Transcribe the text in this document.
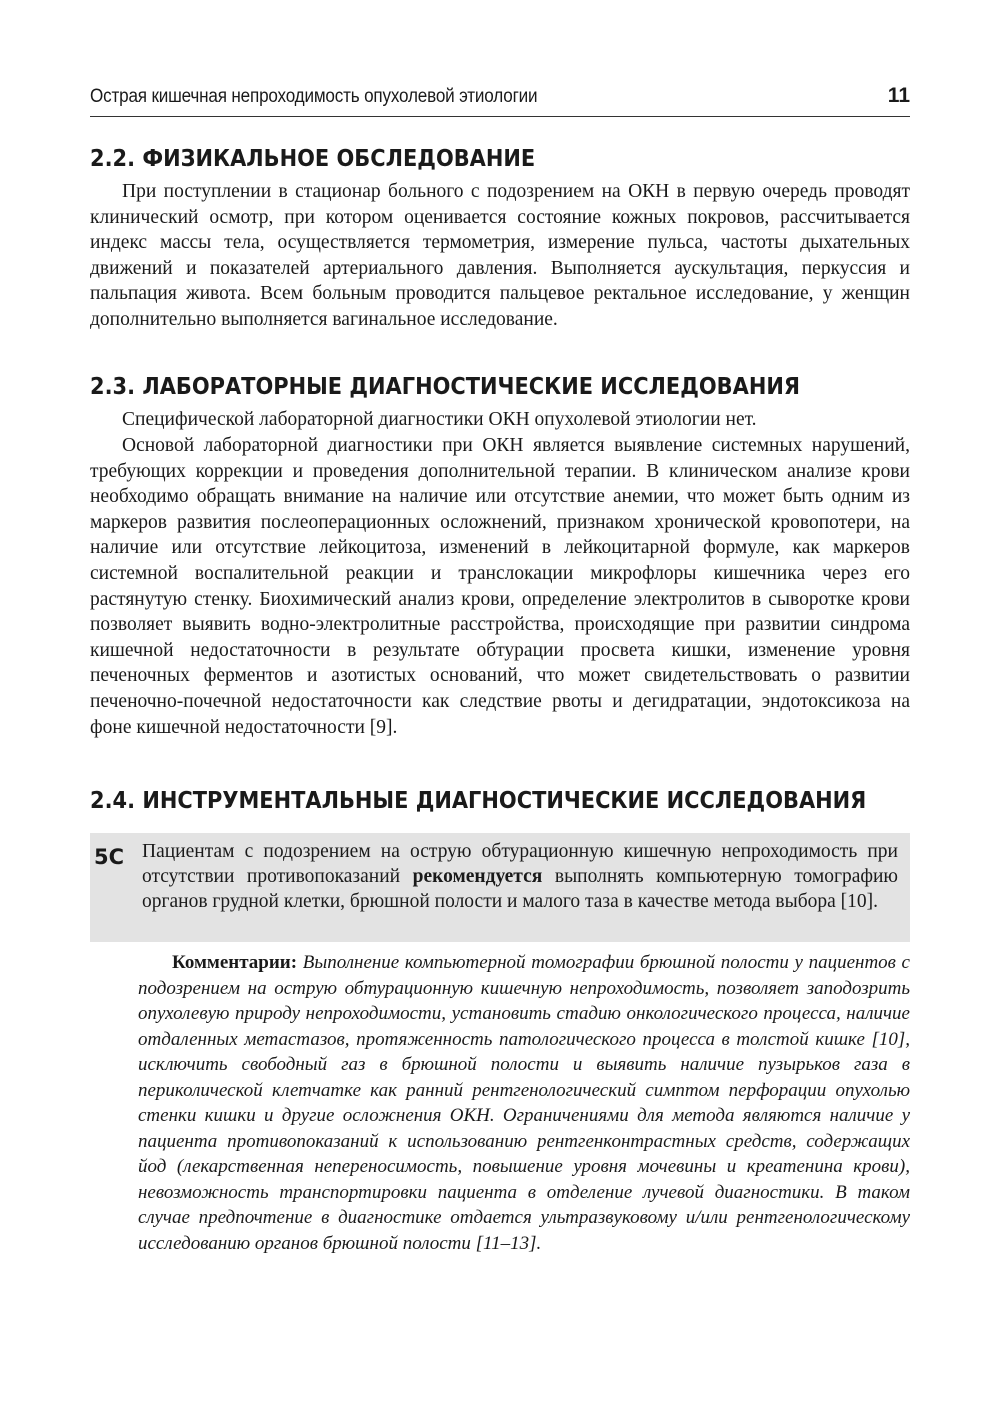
Острая кишечная непроходимость опухолевой этиологии	11
2.2. ФИЗИКАЛЬНОЕ ОБСЛЕДОВАНИЕ

При поступлении в стационар больного с подозрением на ОКН в первую очередь проводят клинический осмотр, при котором оценивается состояние кожных покровов, рассчитывается индекс массы тела, осуществляется термометрия, измерение пульса, частоты дыхательных движений и показателей артериального давления. Выполняется аускультация, перкуссия и пальпация живота. Всем больным проводится пальцевое ректальное исследование, у женщин дополнительно выполняется вагинальное исследование.

2.3. ЛАБОРАТОРНЫЕ ДИАГНОСТИЧЕСКИЕ ИССЛЕДОВАНИЯ

Специфической лабораторной диагностики ОКН опухолевой этиологии нет.

Основой лабораторной диагностики при ОКН является выявление системных нарушений, требующих коррекции и проведения дополнительной терапии. В клиническом анализе крови необходимо обращать внимание на наличие или отсутствие анемии, что может быть одним из маркеров развития послеоперационных осложнений, признаком хронической кровопотери, на наличие или отсутствие лейкоцитоза, изменений в лейкоцитарной формуле, как маркеров системной воспалительной реакции и транслокации микрофлоры кишечника через его растянутую стенку. Биохимический анализ крови, определение электролитов в сыворотке крови позволяет выявить водно-электролитные расстройства, происходящие при развитии синдрома кишечной недостаточности в результате обтурации просвета кишки, изменение уровня печеночных ферментов и азотистых оснований, что может свидетельствовать о развитии печеночно-почечной недостаточности как следствие рвоты и дегидратации, эндотоксикоза на фоне кишечной недостаточности [9].

2.4. ИНСТРУМЕНТАЛЬНЫЕ ДИАГНОСТИЧЕСКИЕ ИССЛЕДОВАНИЯ
5C Пациентам с подозрением на острую обтурационную кишечную непроходимость при отсутствии противопоказаний рекомендуется выполнять компьютерную томографию органов грудной клетки, брюшной полости и малого таза в качестве метода выбора [10].

Комментарии: Выполнение компьютерной томографии брюшной полости у пациентов с подозрением на острую обтурационную кишечную непроходимость, позволяет заподозрить опухолевую природу непроходимости, установить стадию онкологического процесса, наличие отдаленных метастазов, протяженность патологического процесса в толстой кишке [10], исключить свободный газ в брюшной полости и выявить наличие пузырьков газа в периколической клетчатке как ранний рентгенологический симптом перфорации опухолью стенки кишки и другие осложнения ОКН. Ограничениями для метода являются наличие у пациента противопоказаний к использованию рентгенконтрастных средств, содержащих йод (лекарственная непереносимость, повышение уровня мочевины и креатенина крови), невозможность транспортировки пациента в отделение лучевой диагностики. В таком случае предпочтение в диагностике отдается ультразвуковому и/или рентгенологическому исследованию органов брюшной полости [11–13].
